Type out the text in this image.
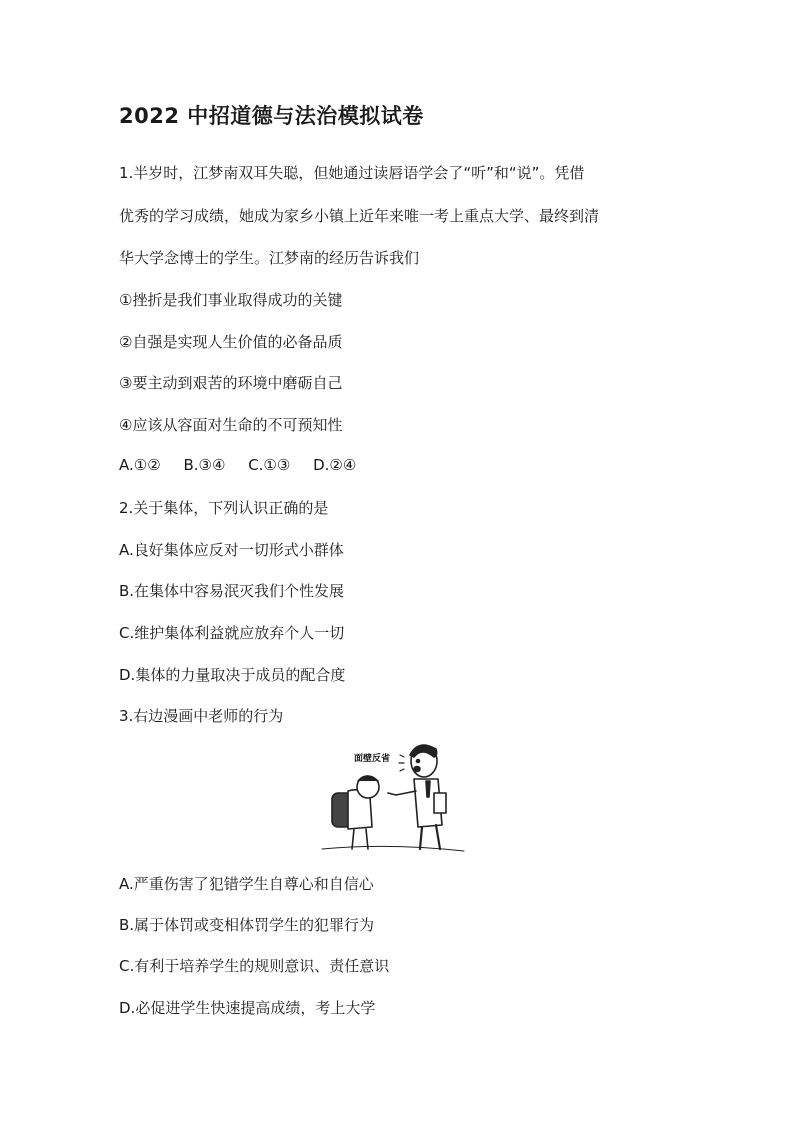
2022 中招道德与法治模拟试卷
1.半岁时，江梦南双耳失聪，但她通过读唇语学会了“听”和“说”。凭借
优秀的学习成绩，她成为家乡小镇上近年来唯一考上重点大学、最终到清
华大学念博士的学生。江梦南的经历告诉我们
①挫折是我们事业取得成功的关键
②自强是实现人生价值的必备品质
③要主动到艰苦的环境中磨砺自己
④应该从容面对生命的不可预知性
A.①② B.③④ C.①③ D.②④
2.关于集体，下列认识正确的是
A.良好集体应反对一切形式小群体
B.在集体中容易泯灭我们个性发展
C.维护集体利益就应放弃个人一切
D.集体的力量取决于成员的配合度
3.右边漫画中老师的行为
面壁反省
A.严重伤害了犯错学生自尊心和自信心
B.属于体罚或变相体罚学生的犯罪行为
C.有利于培养学生的规则意识、责任意识
D.必促进学生快速提高成绩，考上大学
